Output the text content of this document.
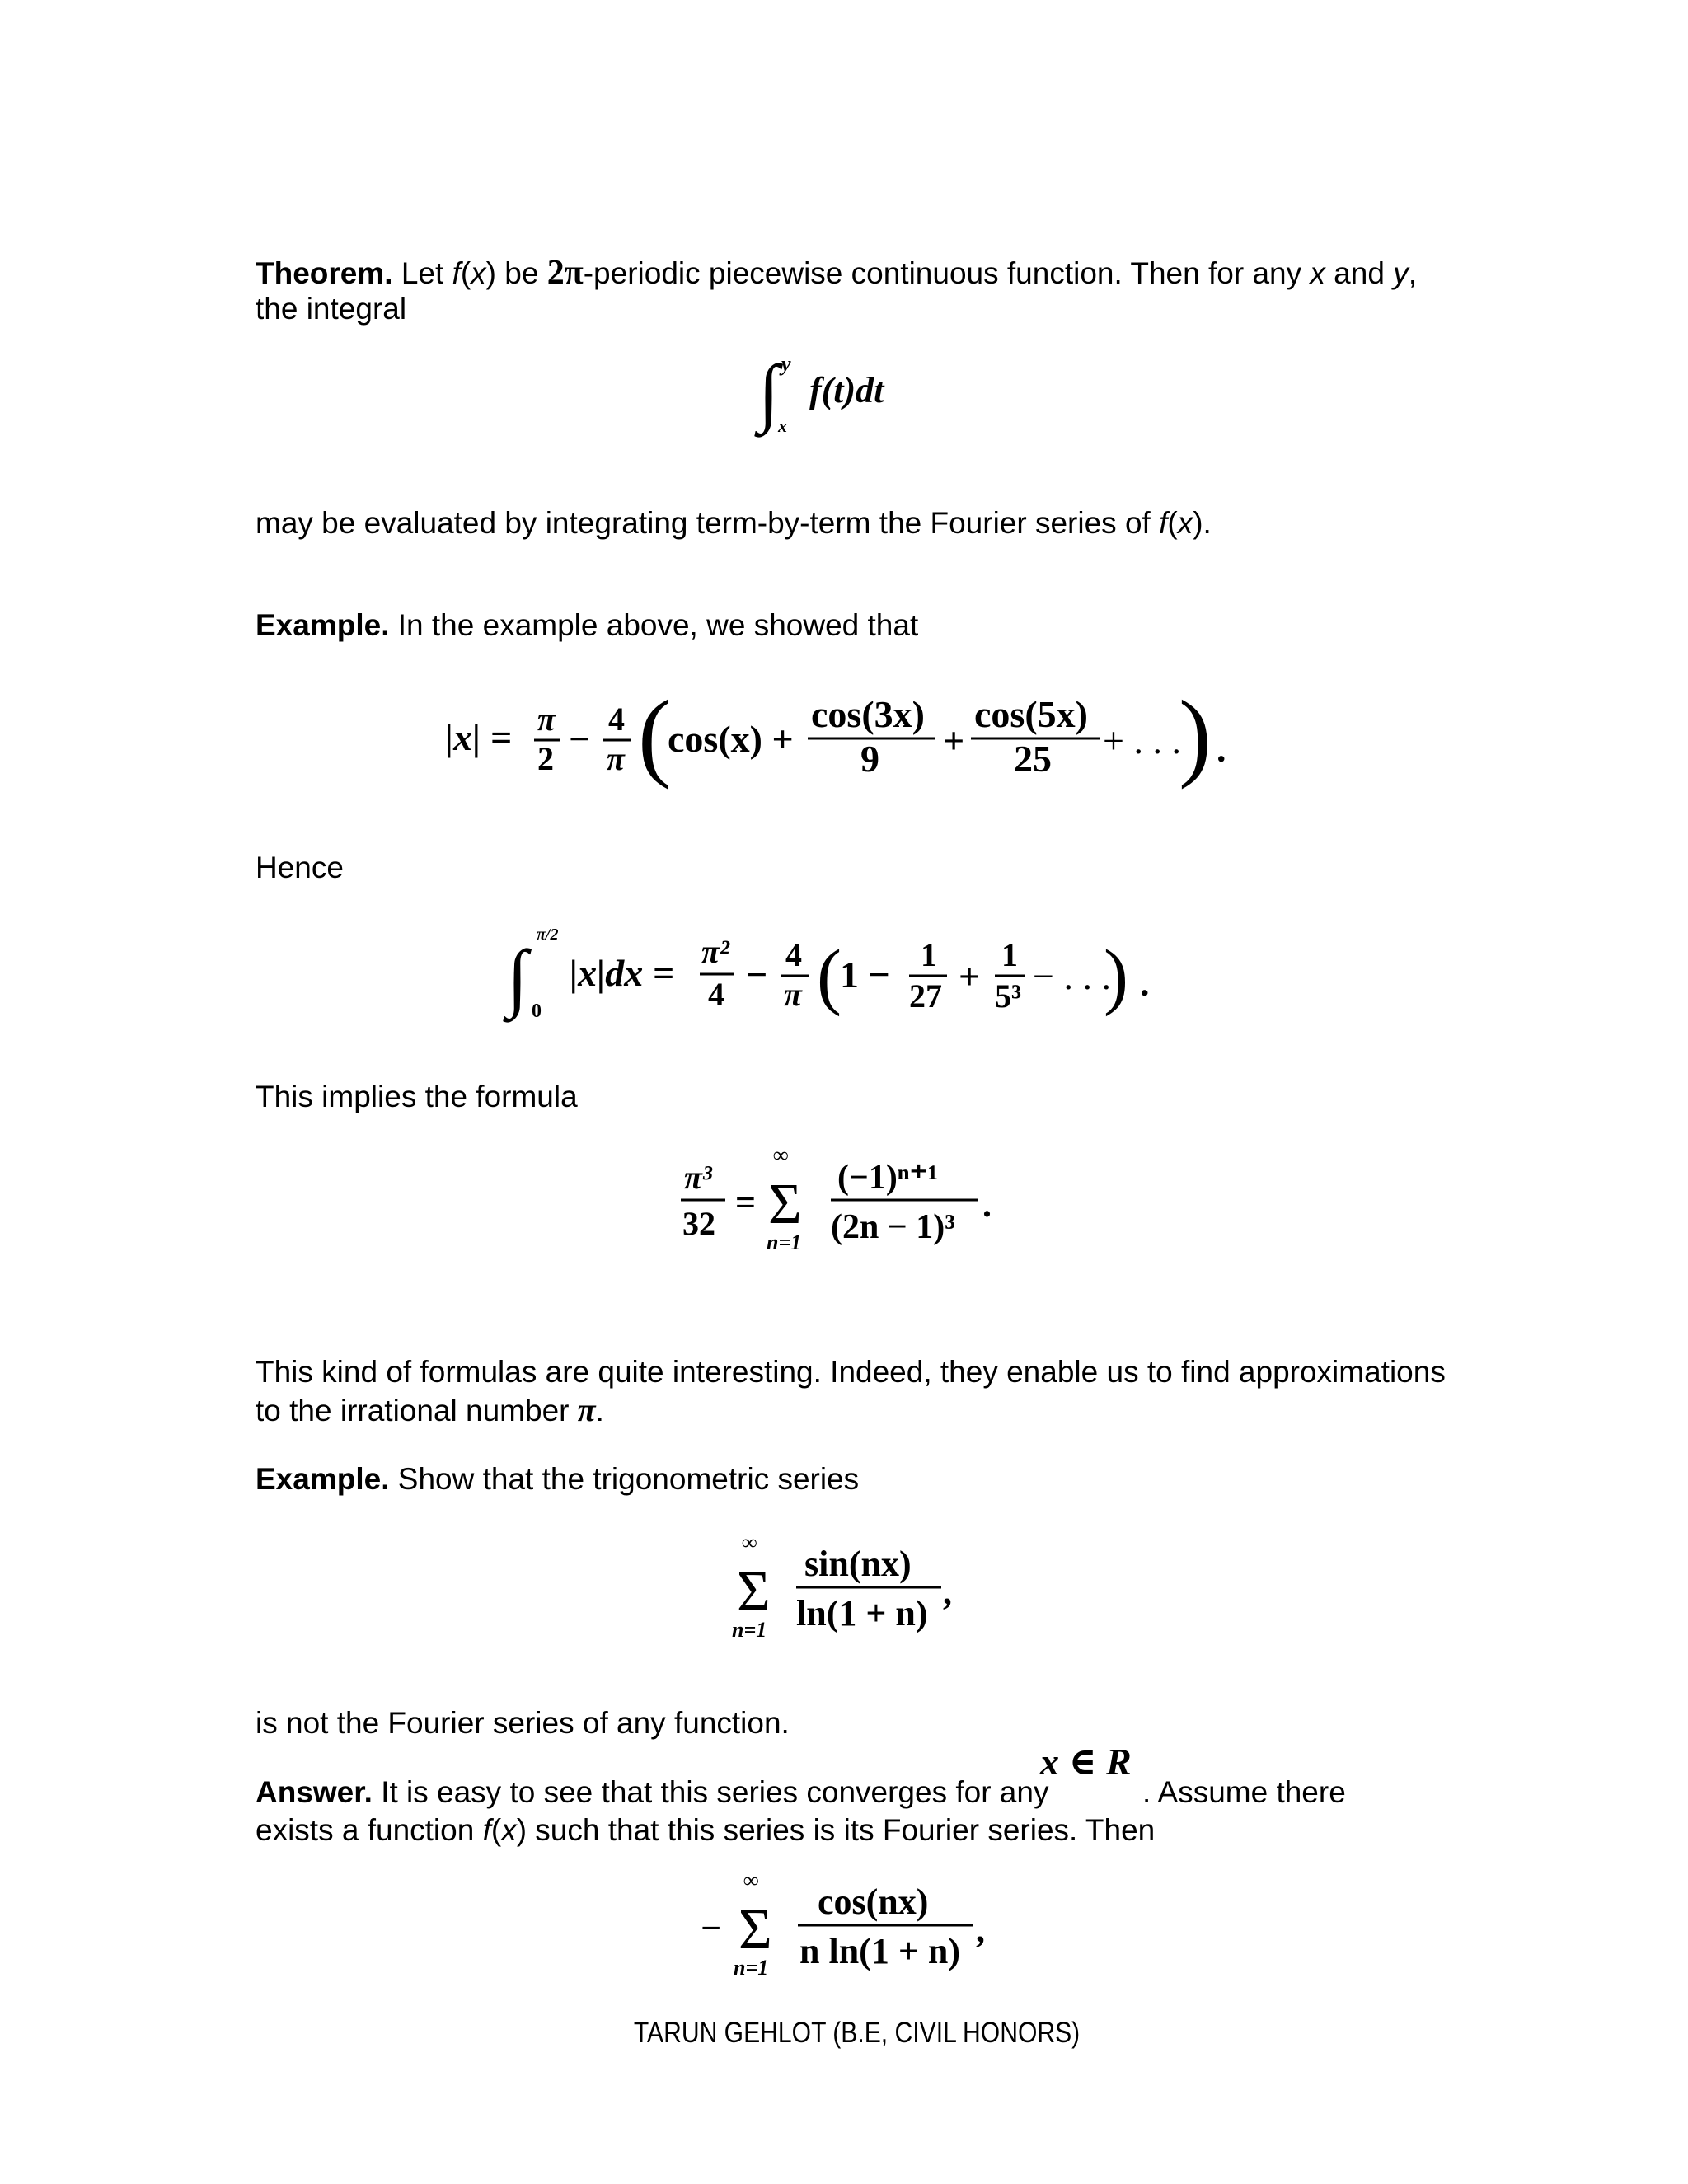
Theorem. Let f(x) be 2π-periodic piecewise continuous function. Then for any x and y,
the integral
∫ y
x
f(t)dt
may be evaluated by integrating term-by-term the Fourier series of f(x).
Example. In the example above, we showed that
|x| = π
2 − 4
π (
cos(x) +
cos(3x)
9 +
cos(5x)
25 + . . .
) .
Hence
∫ π/2
0
|x|dx =
π²
4 − 4
π (
1 − 1
27 +
1
5³ − . . .
) .
This implies the formula
π³
32
=
∞
Σ
n=1
(−1)ⁿ⁺¹
(2n − 1)³
.
This kind of formulas are quite interesting. Indeed, they enable us to find approximations
to the irrational number π.
Example. Show that the trigonometric series
∞
Σ
n=1
sin(nx)
ln(1 + n)
,
is not the Fourier series of any function.
x ∈ R
Answer. It is easy to see that this series converges for any	. Assume there
exists a function f(x) such that this series is its Fourier series. Then
−
∞
Σ
n=1
cos(nx)
n ln(1 + n)
,
TARUN GEHLOT (B.E, CIVIL HONORS)
